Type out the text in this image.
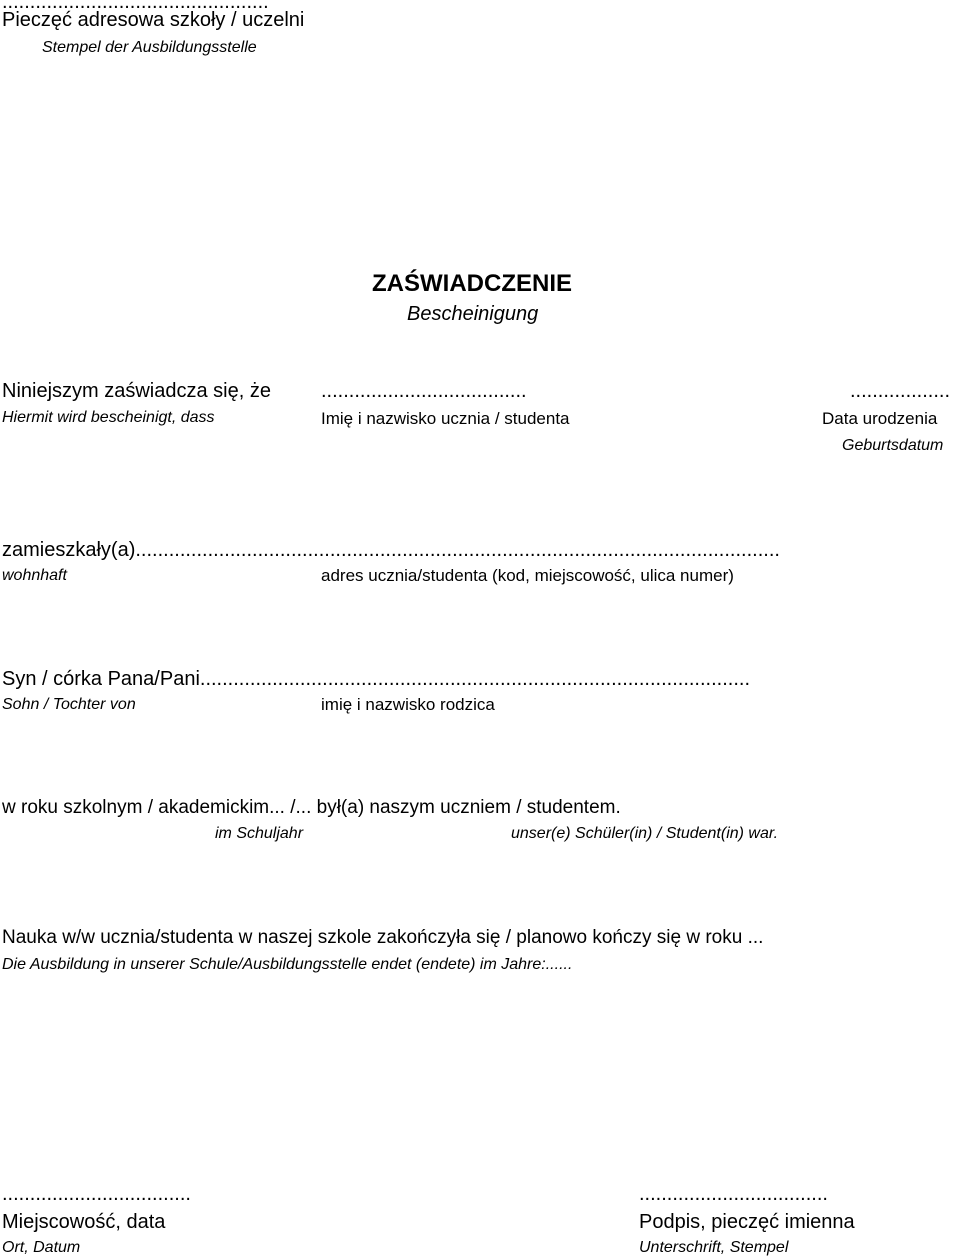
................................................
Pieczęć adresowa szkoły / uczelni
Stempel der Ausbildungsstelle
ZAŚWIADCZENIE
Bescheinigung
Niniejszym zaświadcza się, że
Hiermit wird bescheinigt, dass
.....................................
Imię i nazwisko ucznia / studenta
..................
Data urodzenia
Geburtsdatum
zamieszkały(a)....................................................................................................................
wohnhaft	adres ucznia/studenta (kod, miejscowość, ulica numer)
Syn / córka Pana/Pani...................................................................................................
Sohn / Tochter von	imię i nazwisko rodzica
w roku szkolnym / akademickim... /... był(a) naszym uczniem / studentem.
im Schuljahr	unser(e) Schüler(in) / Student(in) war.
Nauka w/w ucznia/studenta w naszej szkole zakończyła się / planowo kończy się w roku ...
Die Ausbildung in unserer Schule/Ausbildungsstelle endet (endete) im Jahre:......
..................................
Miejscowość, data
Ort, Datum
..................................
Podpis, pieczęć imienna
Unterschrift, Stempel
